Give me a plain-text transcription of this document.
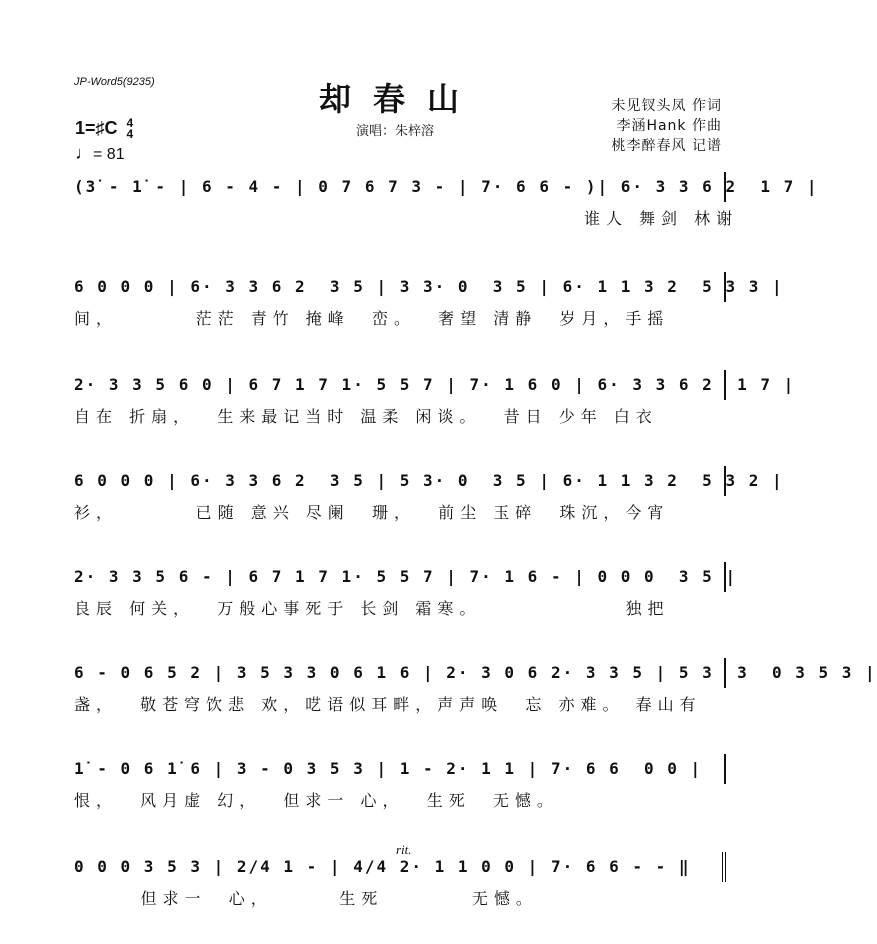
JP-Word5(9235)	却春山
演唱：朱梓溶
未见钗头凤 作词
李涵Hank 作曲
桃李醉春风 记谱
1=♯C 4
4
♩= 81
rit.
(3̇ - 1̇ - | 6 - 4 - | 0 7 6 7 3 - | 7· 6 6 - )| 6· 3 3 6 2  1 7 |
谁人 舞剑 林谢
6 0 0 0 | 6· 3 3 6 2  3 5 | 3 3· 0  3 5 | 6· 1 1 3 2  5 3 3 |
间，       茫茫 青竹 掩峰  峦。  奢望 清静  岁月，手摇
2· 3 3 5 6 0 | 6 7 1 7 1· 5 5 7 | 7· 1 6 0 | 6· 3 3 6 2  1 7 |
自在 折扇，  生来最记当时 温柔 闲谈。  昔日 少年 白衣
6 0 0 0 | 6· 3 3 6 2  3 5 | 5 3· 0  3 5 | 6· 1 1 3 2  5 3 2 |
衫，       已随 意兴 尽阑  珊，  前尘 玉碎  珠沉，今宵
2· 3 3 5 6 - | 6 7 1 7 1· 5 5 7 | 7· 1 6 - | 0 0 0  3 5 |
良辰 何关，  万般心事死于 长剑 霜寒。             独把
6 - 0 6 5 2 | 3 5 3 3 0 6 1 6 | 2· 3 0 6 2· 3 3 5 | 5 3  3  0 3 5 3 |
盏，  敬苍穹饮悲 欢，呓语似耳畔，声声唤  忘 亦难。 春山有
1̇ - 0 6 1̇ 6 | 3 - 0 3 5 3 | 1 - 2· 1 1 | 7· 6 6  0 0 |
恨，  风月虚 幻，  但求一 心，  生死  无憾。
0 0 0 3 5 3 | 2/4 1 - | 4/4 2· 1 1 0 0 | 7· 6 6 - - ‖
但求一  心，      生死        无憾。
